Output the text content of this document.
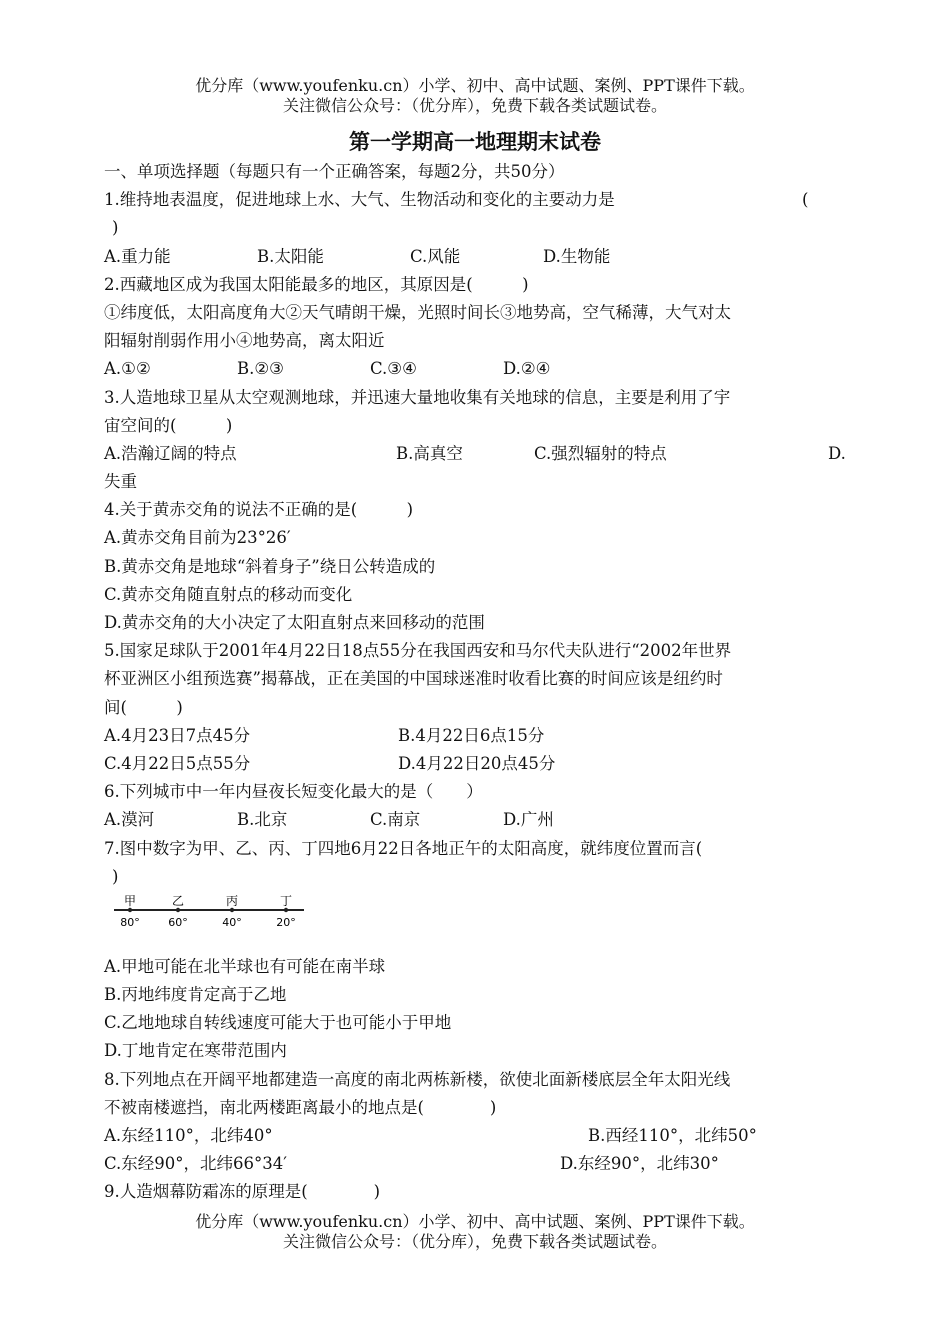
优分库（www.youfenku.cn）小学、初中、高中试题、案例、PPT课件下载。
关注微信公众号：（优分库），免费下载各类试题试卷。
第一学期高一地理期末试卷
一、单项选择题（每题只有一个正确答案，每题2分，共50分）
1.维持地表温度，促进地球上水、大气、生物活动和变化的主要动力是	(
)
A.重力能	B.太阳能	C.风能	D.生物能
2.西藏地区成为我国太阳能最多的地区，其原因是(　　　)
①纬度低，太阳高度角大②天气晴朗干燥，光照时间长③地势高，空气稀薄，大气对太
阳辐射削弱作用小④地势高，离太阳近
A.①②	B.②③	C.③④	D.②④
3.人造地球卫星从太空观测地球，并迅速大量地收集有关地球的信息，主要是利用了宇
宙空间的(　　　)
A.浩瀚辽阔的特点	B.高真空	C.强烈辐射的特点	D.
失重
4.关于黄赤交角的说法不正确的是(　　　)
A.黄赤交角目前为23°26′
B.黄赤交角是地球“斜着身子”绕日公转造成的
C.黄赤交角随直射点的移动而变化
D.黄赤交角的大小决定了太阳直射点来回移动的范围
5.国家足球队于2001年4月22日18点55分在我国西安和马尔代夫队进行“2002年世界
杯亚洲区小组预选赛”揭幕战，正在美国的中国球迷准时收看比赛的时间应该是纽约时
间(　　　)
A.4月23日7点45分	B.4月22日6点15分
C.4月22日5点55分	D.4月22日20点45分
6.下列城市中一年内昼夜长短变化最大的是（　　）
A.漠河	B.北京	C.南京	D.广州
7.图中数字为甲、乙、丙、丁四地6月22日各地正午的太阳高度，就纬度位置而言(
)
甲	乙	丙	丁
80°	60°	40°	20°
A.甲地可能在北半球也有可能在南半球
B.丙地纬度肯定高于乙地
C.乙地地球自转线速度可能大于也可能小于甲地
D.丁地肯定在寒带范围内
8.下列地点在开阔平地都建造一高度的南北两栋新楼，欲使北面新楼底层全年太阳光线
不被南楼遮挡，南北两楼距离最小的地点是(　　　　)
A.东经110°，北纬40°	B.西经110°，北纬50°
C.东经90°，北纬66°34′	D.东经90°，北纬30°
9.人造烟幕防霜冻的原理是(　　　　)
优分库（www.youfenku.cn）小学、初中、高中试题、案例、PPT课件下载。
关注微信公众号：（优分库），免费下载各类试题试卷。
